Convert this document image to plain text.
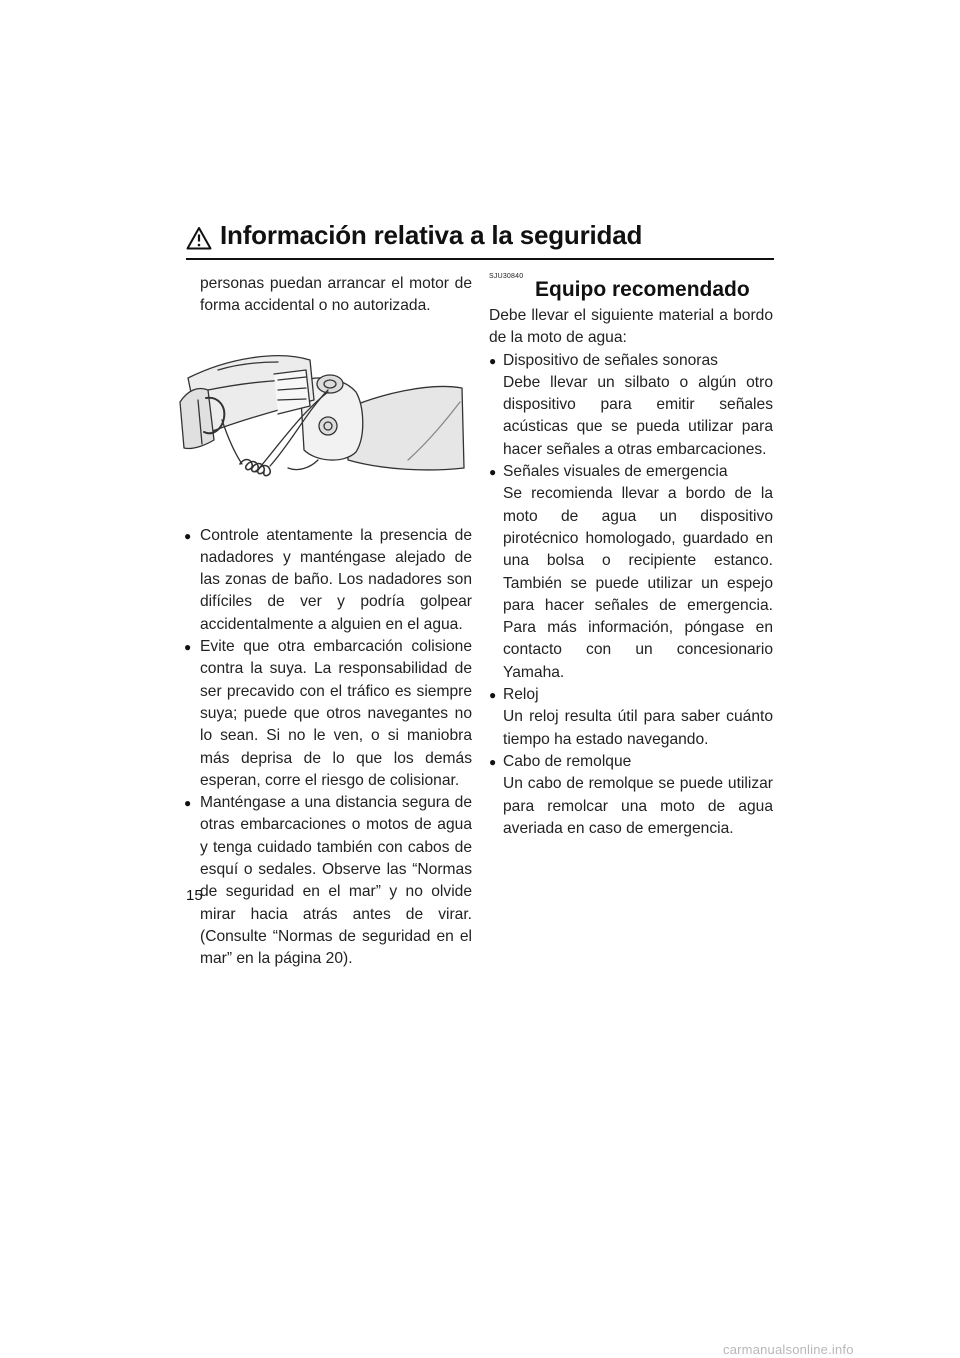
Información relativa a la seguridad

personas puedan arrancar el motor de forma accidental o no autorizada.

● Controle atentamente la presencia de nadadores y manténgase alejado de las zonas de baño. Los nadadores son difíciles de ver y podría golpear accidentalmente a alguien en el agua.
● Evite que otra embarcación colisione contra la suya. La responsabilidad de ser precavido con el tráfico es siempre suya; puede que otros navegantes no lo sean. Si no le ven, o si maniobra más deprisa de lo que los demás esperan, corre el riesgo de colisionar.
● Manténgase a una distancia segura de otras embarcaciones o motos de agua y tenga cuidado también con cabos de esquí o sedales. Observe las “Normas de seguridad en el mar” y no olvide mirar hacia atrás antes de virar. (Consulte “Normas de seguridad en el mar” en la página 20).
SJU30840
Equipo recomendado

Debe llevar el siguiente material a bordo de la moto de agua:

● Dispositivo de señales sonoras
Debe llevar un silbato o algún otro dispositivo para emitir señales acústicas que se pueda utilizar para hacer señales a otras embarcaciones.
● Señales visuales de emergencia
Se recomienda llevar a bordo de la moto de agua un dispositivo pirotécnico homologado, guardado en una bolsa o recipiente estanco. También se puede utilizar un espejo para hacer señales de emergencia. Para más información, póngase en contacto con un concesionario Yamaha.
● Reloj
Un reloj resulta útil para saber cuánto tiempo ha estado navegando.
● Cabo de remolque
Un cabo de remolque se puede utilizar para remolcar una moto de agua averiada en caso de emergencia.
15
carmanualsonline.info
